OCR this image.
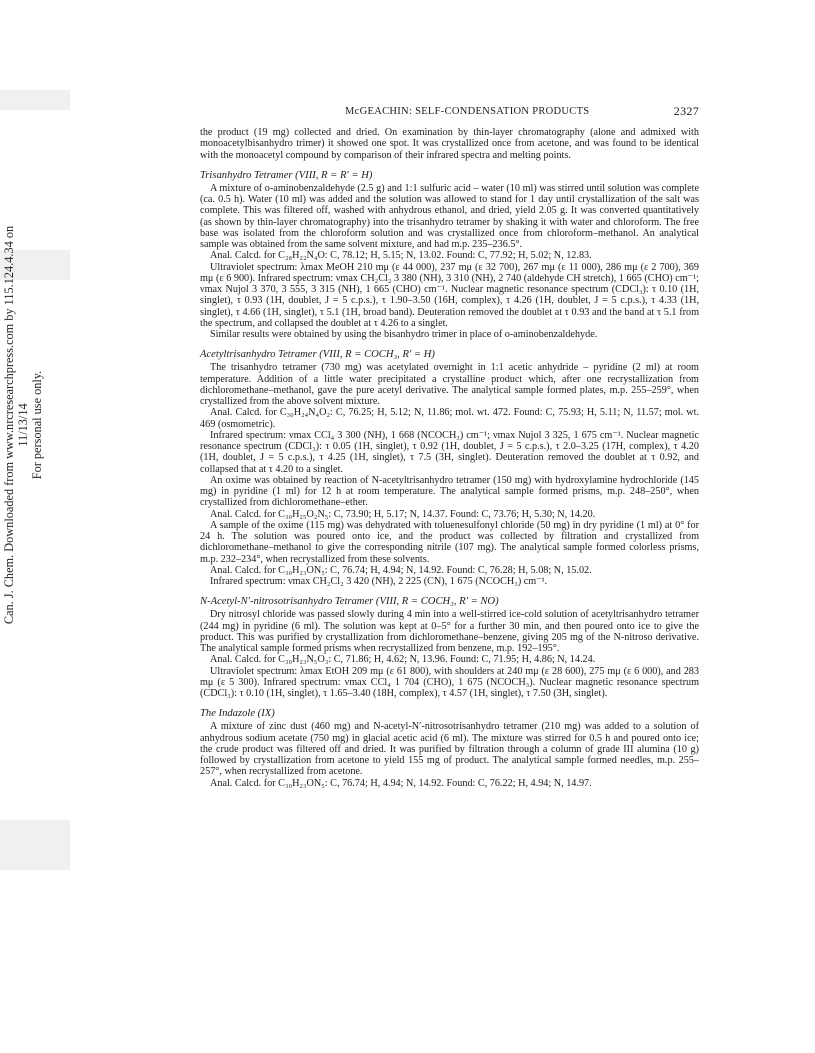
Can. J. Chem. Downloaded from www.nrcresearchpress.com by 115.124.4.34 on 11/13/14 For personal use only.
McGEACHIN: SELF-CONDENSATION PRODUCTS	2327

the product (19 mg) collected and dried. On examination by thin-layer chromatography (alone and admixed with monoacetylbisanhydro trimer) it showed one spot. It was crystallized once from acetone, and was found to be identical with the monoacetyl compound by comparison of their infrared spectra and melting points.

Trisanhydro Tetramer (VIII, R = R′ = H)

A mixture of o-aminobenzaldehyde (2.5 g) and 1:1 sulfuric acid – water (10 ml) was stirred until solution was complete (ca. 0.5 h). Water (10 ml) was added and the solution was allowed to stand for 1 day until crystallization of the salt was complete. This was filtered off, washed with anhydrous ethanol, and dried, yield 2.05 g. It was converted quantitatively (as shown by thin-layer chromatography) into the trisanhydro tetramer by shaking it with water and chloroform. The free base was isolated from the chloroform solution and was crystallized once from chloroform–methanol. An analytical sample was obtained from the same solvent mixture, and had m.p. 235–236.5°.

Anal. Calcd. for C₂₈H₂₂N₄O: C, 78.12; H, 5.15; N, 13.02. Found: C, 77.92; H, 5.02; N, 12.83.

Ultraviolet spectrum: λmax MeOH 210 mμ (ε 44 000), 237 mμ (ε 32 700), 267 mμ (ε 11 000), 286 mμ (ε 2 700), 369 mμ (ε 6 900). Infrared spectrum: νmax CH₂Cl₂ 3 380 (NH), 3 310 (NH), 2 740 (aldehyde CH stretch), 1 665 (CHO) cm⁻¹; νmax Nujol 3 370, 3 555, 3 315 (NH), 1 665 (CHO) cm⁻¹. Nuclear magnetic resonance spectrum (CDCl₃): τ 0.10 (1H, singlet), τ 0.93 (1H, doublet, J = 5 c.p.s.), τ 1.90–3.50 (16H, complex), τ 4.26 (1H, doublet, J = 5 c.p.s.), τ 4.33 (1H, singlet), τ 4.66 (1H, singlet), τ 5.1 (1H, broad band). Deuteration removed the doublet at τ 0.93 and the band at τ 5.1 from the spectrum, and collapsed the doublet at τ 4.26 to a singlet.

Similar results were obtained by using the bisanhydro trimer in place of o-aminobenzaldehyde.

Acetyltrisanhydro Tetramer (VIII, R = COCH₃, R′ = H)

The trisanhydro tetramer (730 mg) was acetylated overnight in 1:1 acetic anhydride – pyridine (2 ml) at room temperature. Addition of a little water precipitated a crystalline product which, after one recrystallization from dichloromethane–methanol, gave the pure acetyl derivative. The analytical sample formed plates, m.p. 255–259°, when crystallized from the above solvent mixture.

Anal. Calcd. for C₃₀H₂₄N₄O₂: C, 76.25; H, 5.12; N, 11.86; mol. wt. 472. Found: C, 75.93; H, 5.11; N, 11.57; mol. wt. 469 (osmometric).

Infrared spectrum: νmax CCl₄ 3 300 (NH), 1 668 (NCOCH₃) cm⁻¹; νmax Nujol 3 325, 1 675 cm⁻¹. Nuclear magnetic resonance spectrum (CDCl₃): τ 0.05 (1H, singlet), τ 0.92 (1H, doublet, J = 5 c.p.s.), τ 2.0–3.25 (17H, complex), τ 4.20 (1H, doublet, J = 5 c.p.s.), τ 4.25 (1H, singlet), τ 7.5 (3H, singlet). Deuteration removed the doublet at τ 0.92, and collapsed that at τ 4.20 to a singlet.

An oxime was obtained by reaction of N-acetyltrisanhydro tetramer (150 mg) with hydroxylamine hydrochloride (145 mg) in pyridine (1 ml) for 12 h at room temperature. The analytical sample formed prisms, m.p. 248–250°, when crystallized from dichloromethane–ether.

Anal. Calcd. for C₃₀H₂₅O₂N₅: C, 73.90; H, 5.17; N, 14.37. Found: C, 73.76; H, 5.30; N, 14.20.

A sample of the oxime (115 mg) was dehydrated with toluenesulfonyl chloride (50 mg) in dry pyridine (1 ml) at 0° for 24 h. The solution was poured onto ice, and the product was collected by filtration and crystallized from dichloromethane–methanol to give the corresponding nitrile (107 mg). The analytical sample formed colorless prisms, m.p. 232–234°, when recrystallized from these solvents.

Anal. Calcd. for C₃₀H₂₃ON₅: C, 76.74; H, 4.94; N, 14.92. Found: C, 76.28; H, 5.08; N, 15.02.

Infrared spectrum: νmax CH₂Cl₂ 3 420 (NH), 2 225 (CN), 1 675 (NCOCH₃) cm⁻¹.

N-Acetyl-N′-nitrosotrisanhydro Tetramer (VIII, R = COCH₃, R′ = NO)

Dry nitrosyl chloride was passed slowly during 4 min into a well-stirred ice-cold solution of acetyltrisanhydro tetramer (244 mg) in pyridine (6 ml). The solution was kept at 0–5° for a further 30 min, and then poured onto ice to give the product. This was purified by crystallization from dichloromethane–benzene, giving 205 mg of the N-nitroso derivative. The analytical sample formed prisms when recrystallized from benzene, m.p. 192–195°.

Anal. Calcd. for C₃₀H₂₃N₅O₃: C, 71.86; H, 4.62; N, 13.96. Found: C, 71.95; H, 4.86; N, 14.24.

Ultraviolet spectrum: λmax EtOH 209 mμ (ε 61 800), with shoulders at 240 mμ (ε 28 600), 275 mμ (ε 6 000), and 283 mμ (ε 5 300). Infrared spectrum: νmax CCl₄ 1 704 (CHO), 1 675 (NCOCH₃). Nuclear magnetic resonance spectrum (CDCl₃): τ 0.10 (1H, singlet), τ 1.65–3.40 (18H, complex), τ 4.57 (1H, singlet), τ 7.50 (3H, singlet).

The Indazole (IX)

A mixture of zinc dust (460 mg) and N-acetyl-N′-nitrosotrisanhydro tetramer (210 mg) was added to a solution of anhydrous sodium acetate (750 mg) in glacial acetic acid (6 ml). The mixture was stirred for 0.5 h and poured onto ice; the crude product was filtered off and dried. It was purified by filtration through a column of grade III alumina (10 g) followed by crystallization from acetone to yield 155 mg of product. The analytical sample formed needles, m.p. 255–257°, when recrystallized from acetone.

Anal. Calcd. for C₃₀H₂₃ON₅: C, 76.74; H, 4.94; N, 14.92. Found: C, 76.22; H, 4.94; N, 14.97.
